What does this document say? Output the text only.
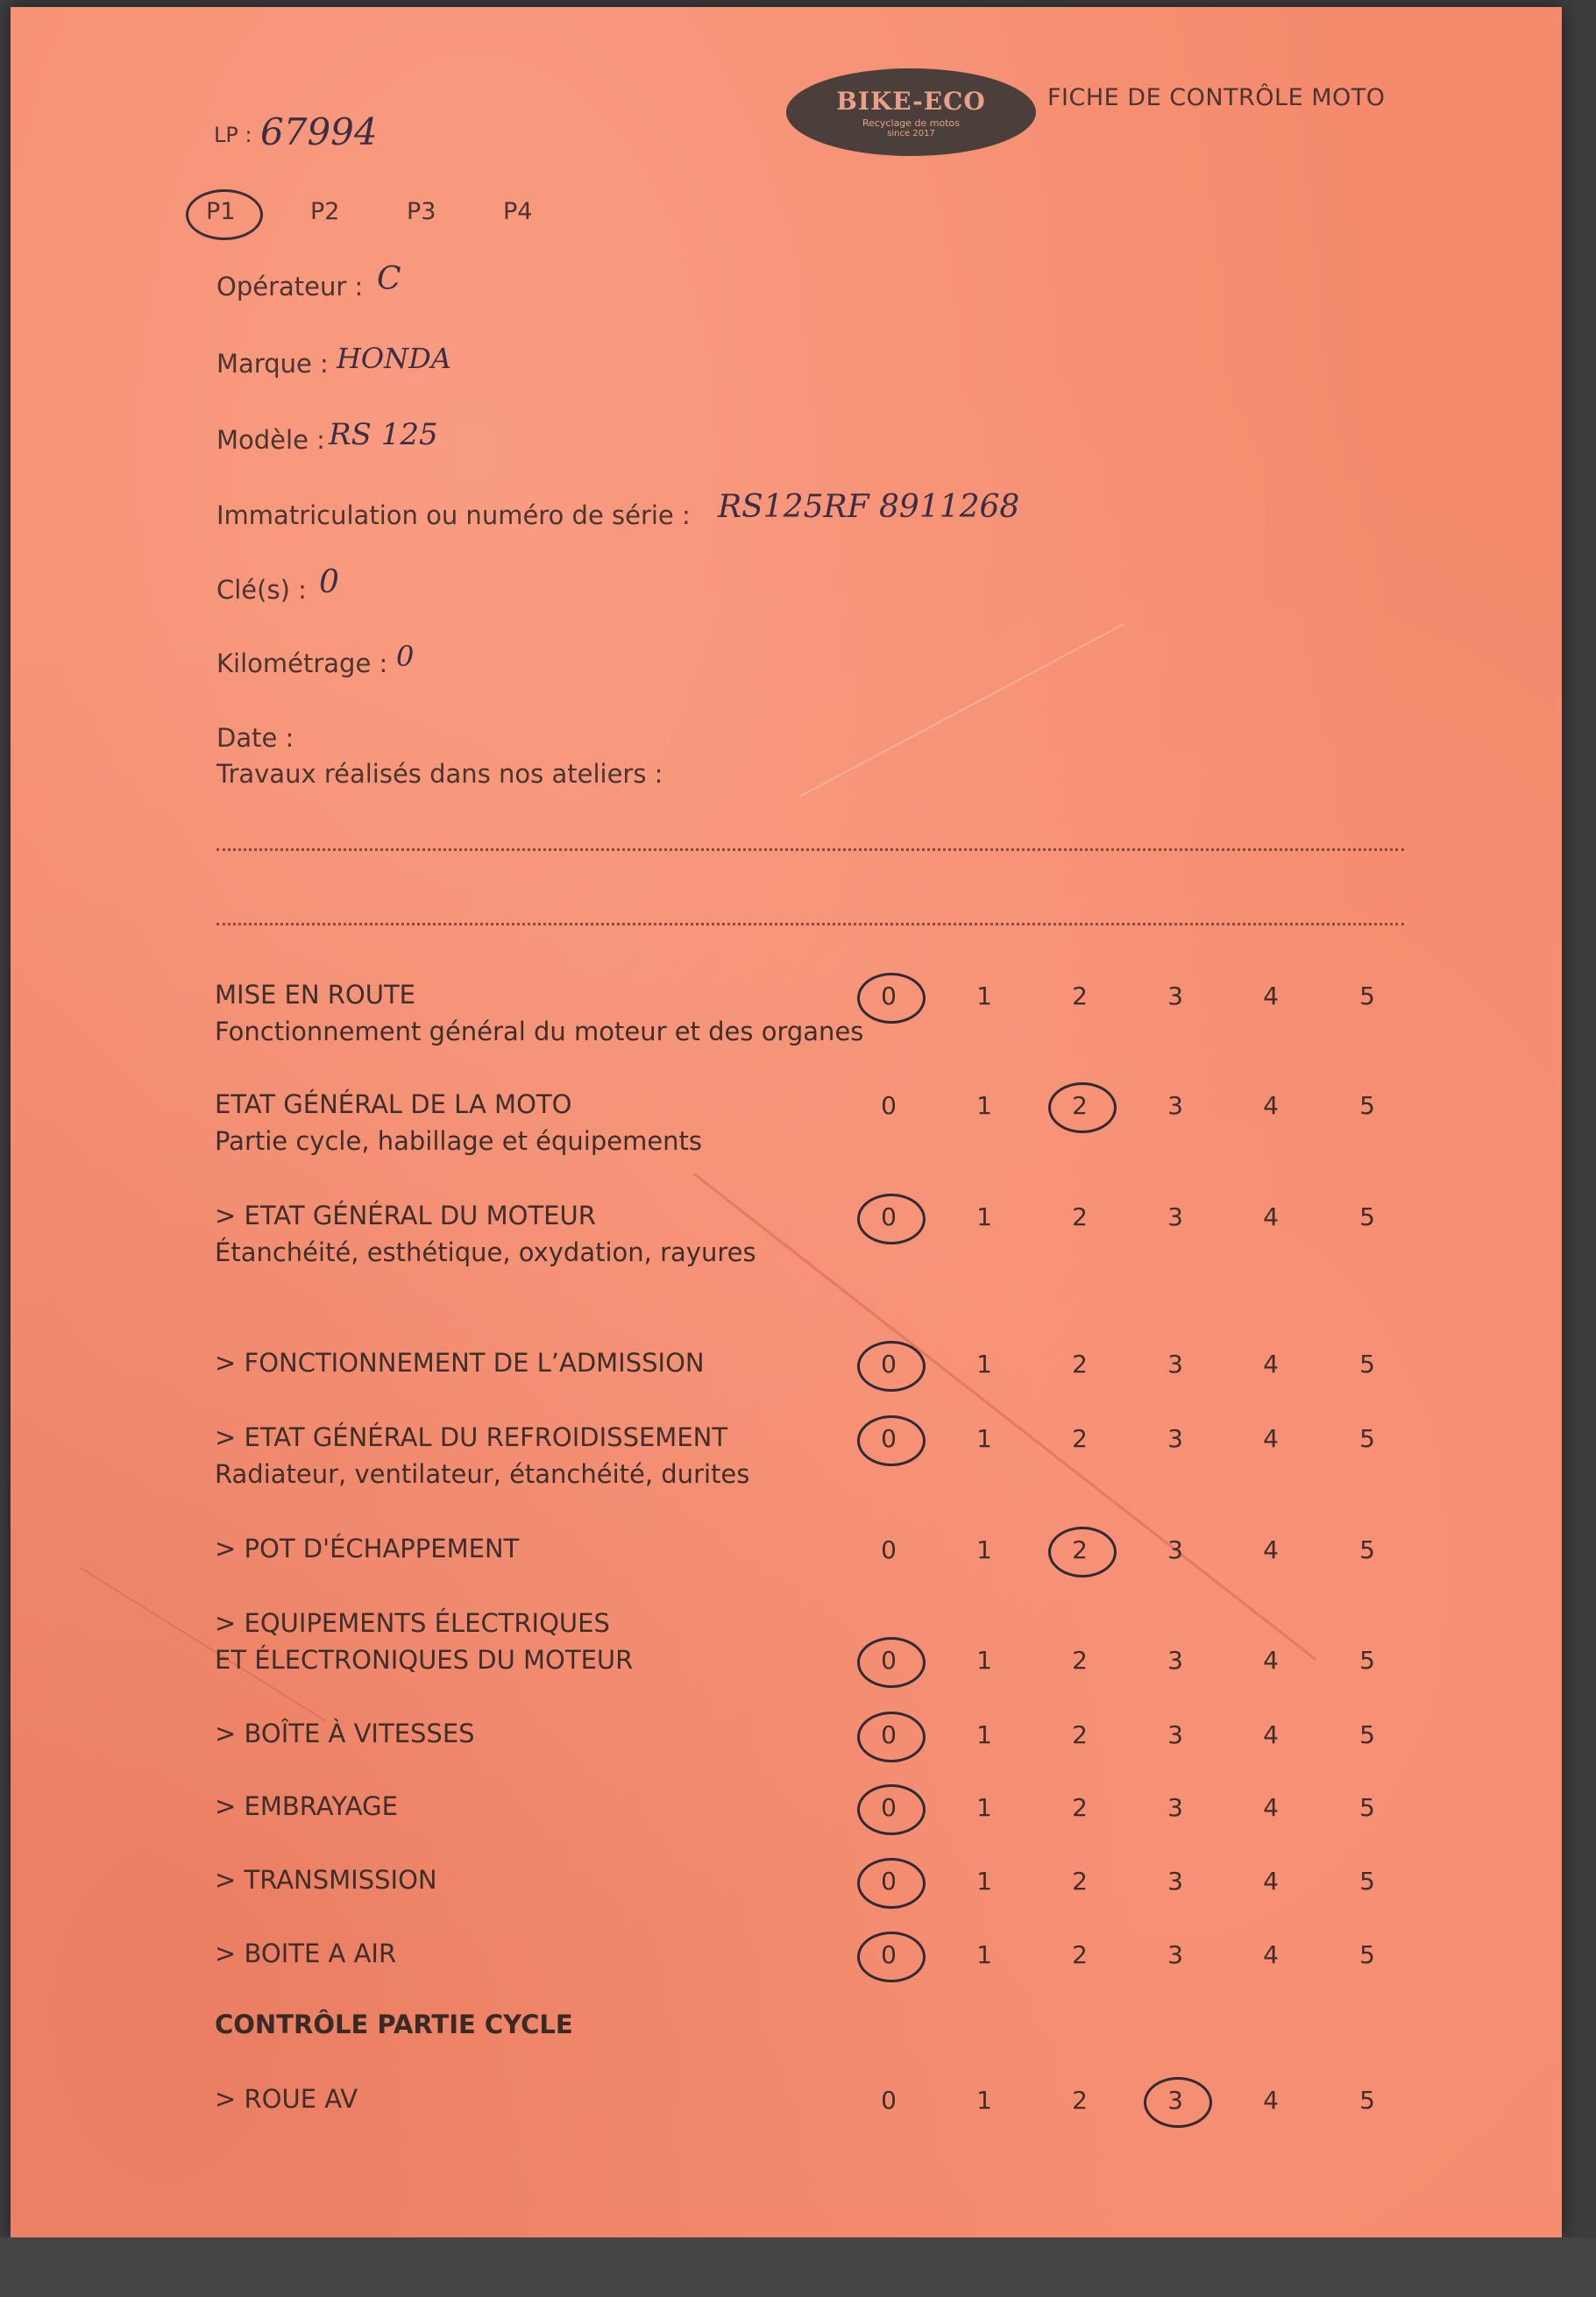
BIKE-ECO
Recyclage de motos
since 2017
FICHE DE CONTRÔLE MOTO
LP : 67994
P1	P2	P3	P4
Opérateur : C
Marque : HONDA
Modèle : RS 125
Immatriculation ou numéro de série : RS125RF 8911268
Clé(s) : 0
Kilométrage : 0
Date :
Travaux réalisés dans nos ateliers :
MISE EN ROUTE
Fonctionnement général du moteur et des organes
0	1	2	3	4	5
ETAT GÉNÉRAL DE LA MOTO
Partie cycle, habillage et équipements
0	1	2	3	4	5
> ETAT GÉNÉRAL DU MOTEUR
Étanchéité, esthétique, oxydation, rayures
0	1	2	3	4	5
> FONCTIONNEMENT DE L’ADMISSION	0	1	2	3	4	5
> ETAT GÉNÉRAL DU REFROIDISSEMENT
Radiateur, ventilateur, étanchéité, durites
0	1	2	3	4	5
> POT D'ÉCHAPPEMENT	0	1	2	3	4	5
> EQUIPEMENTS ÉLECTRIQUES
ET ÉLECTRONIQUES DU MOTEUR	0	1	2	3	4	5
> BOÎTE À VITESSES	0	1	2	3	4	5
> EMBRAYAGE	0	1	2	3	4	5
> TRANSMISSION	0	1	2	3	4	5
> BOITE A AIR	0	1	2	3	4	5
> ROUE AV	0	1	2	3	4	5
CONTRÔLE PARTIE CYCLE
